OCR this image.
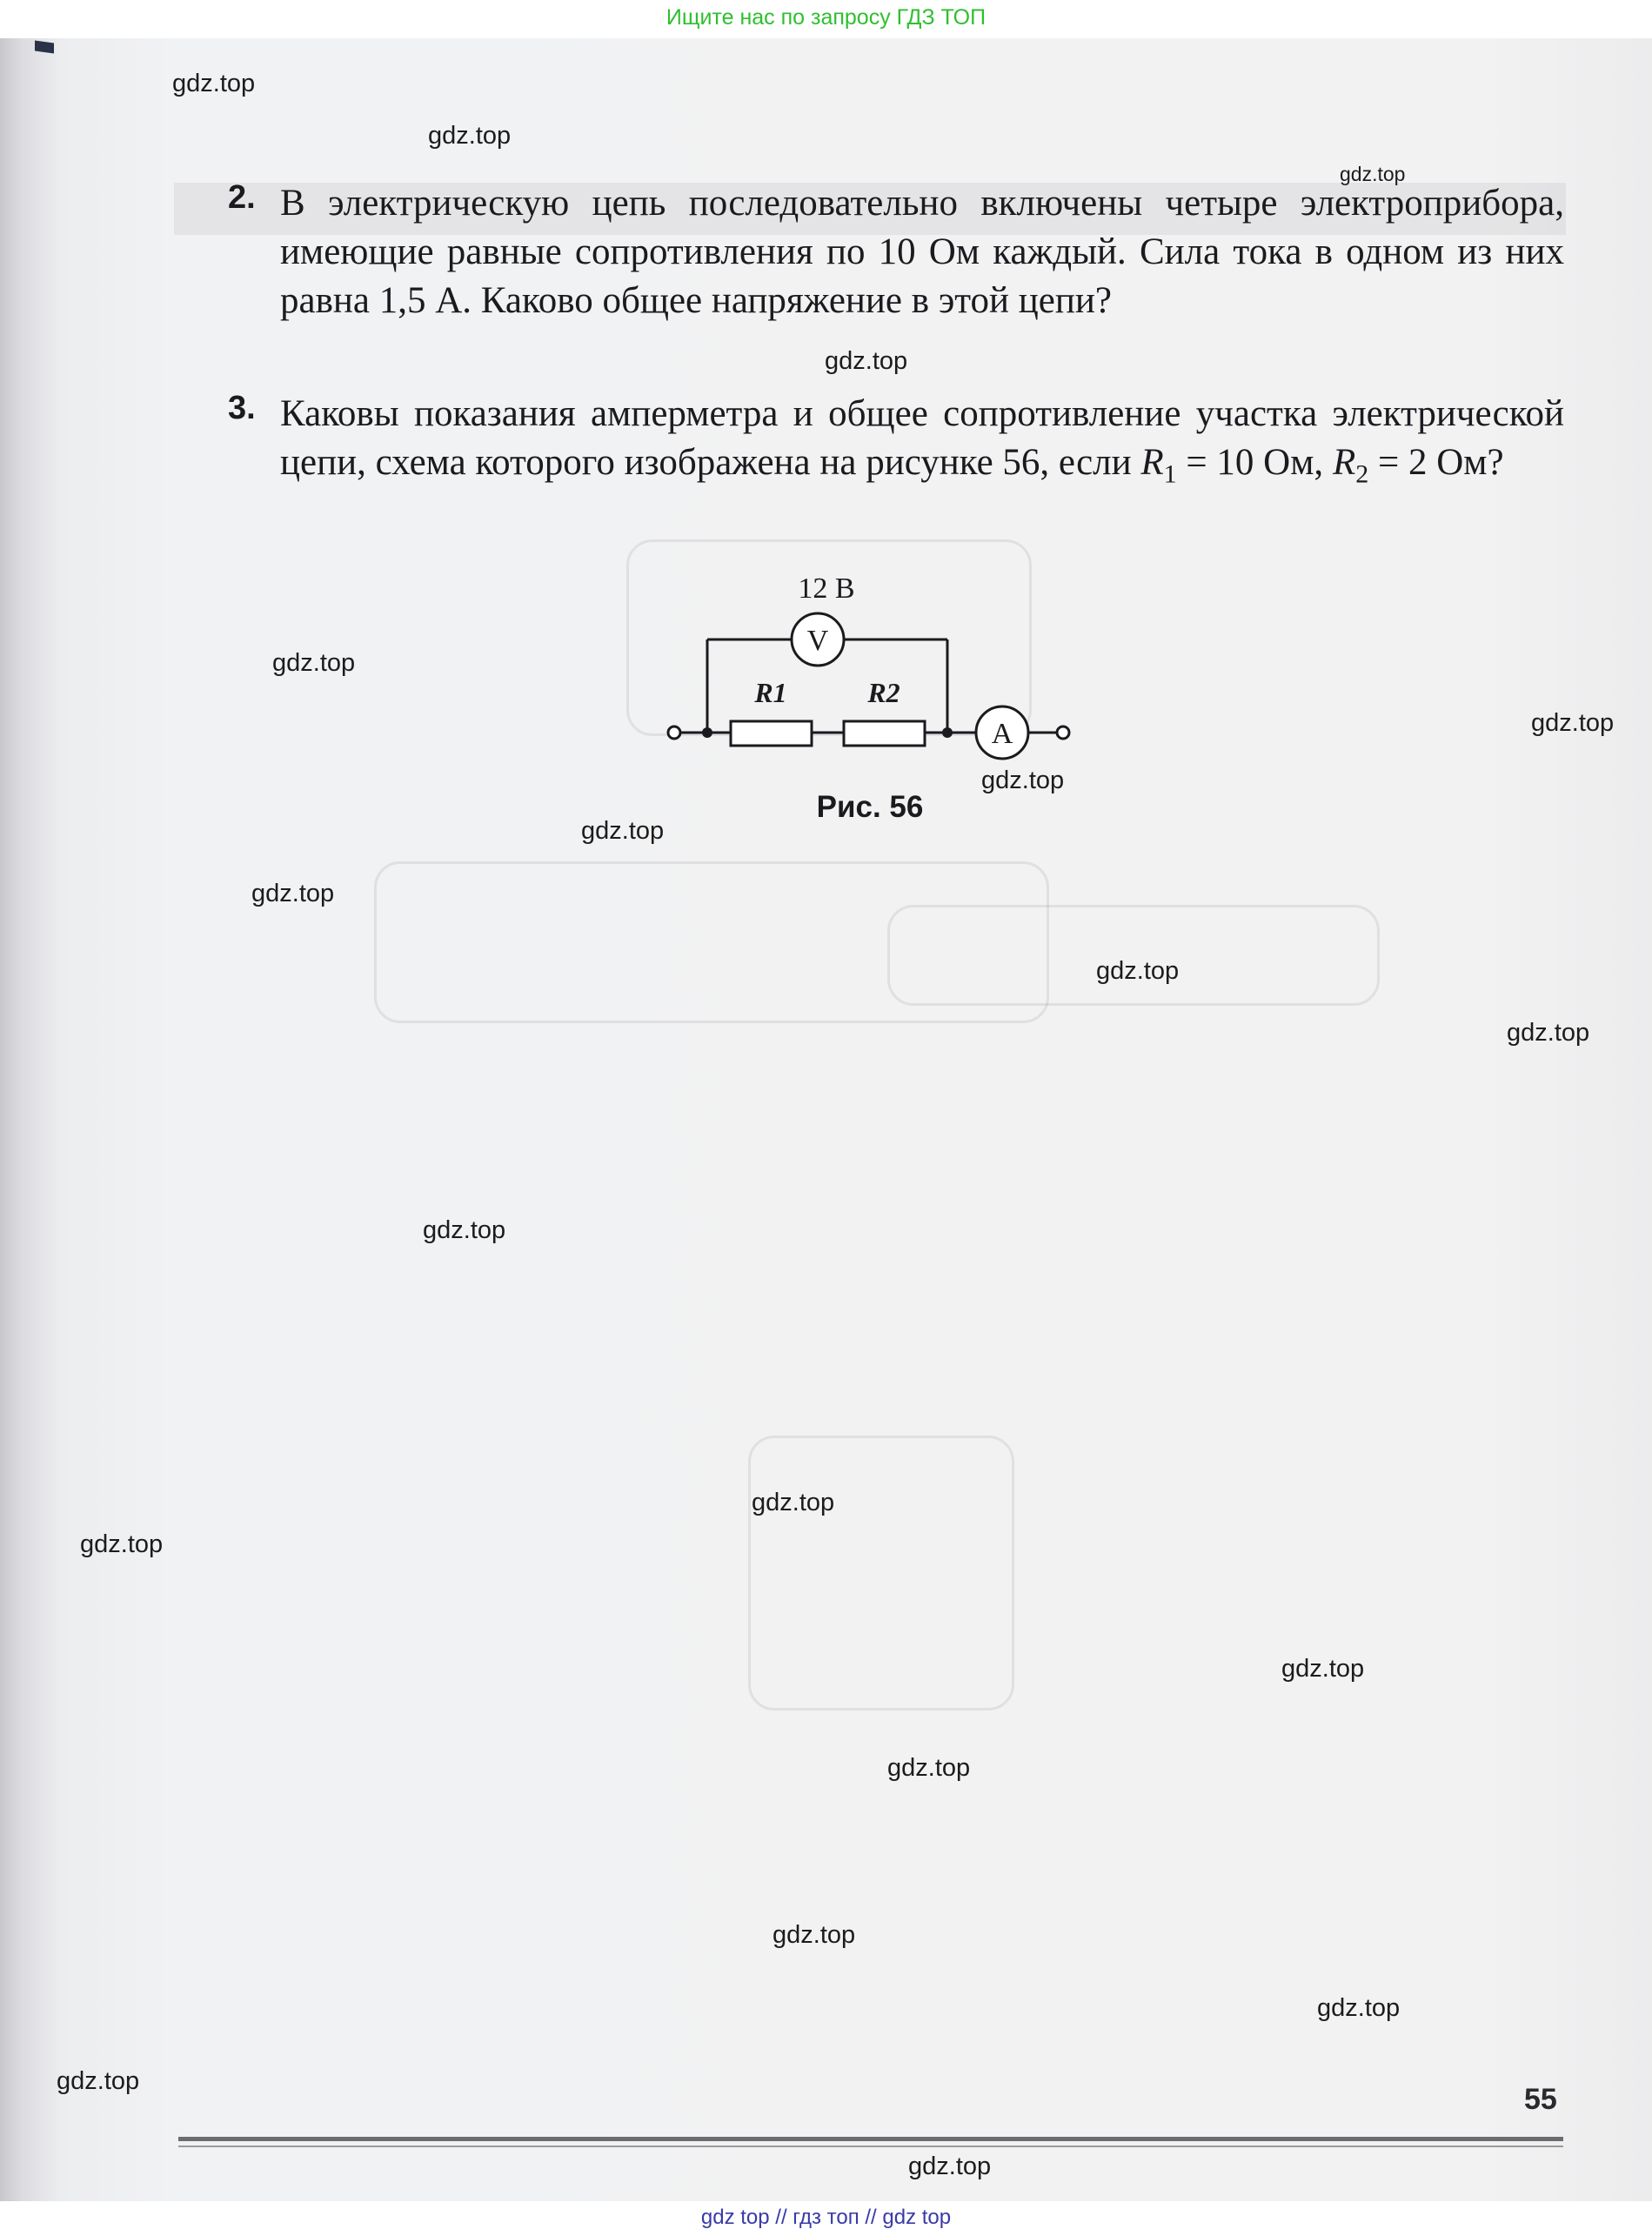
Ищите нас по запросу ГДЗ ТОП
2. В электрическую цепь последовательно включены четыре электроприбора, имеющие равные сопротивления по 10 Ом каждый. Сила тока в одном из них равна 1,5 А. Каково общее напряжение в этой цепи?
3. Каковы показания амперметра и общее сопротивление участка электрической цепи, схема которого изображена на рисунке 56, если $R_1 = 10$ Ом, $R_2 = 2$ Ом?
12 В
V
A
R1	R2
Рис. 56
gdz.top
gdz.top
gdz.top
gdz.top
gdz.top
gdz.top
gdz.top
gdz.top
gdz.top
gdz.top
gdz.top
gdz.top
gdz.top
gdz.top
gdz.top
gdz.top
gdz.top
gdz.top
gdz.top
gdz.top
55
gdz top // гдз топ // gdz top
